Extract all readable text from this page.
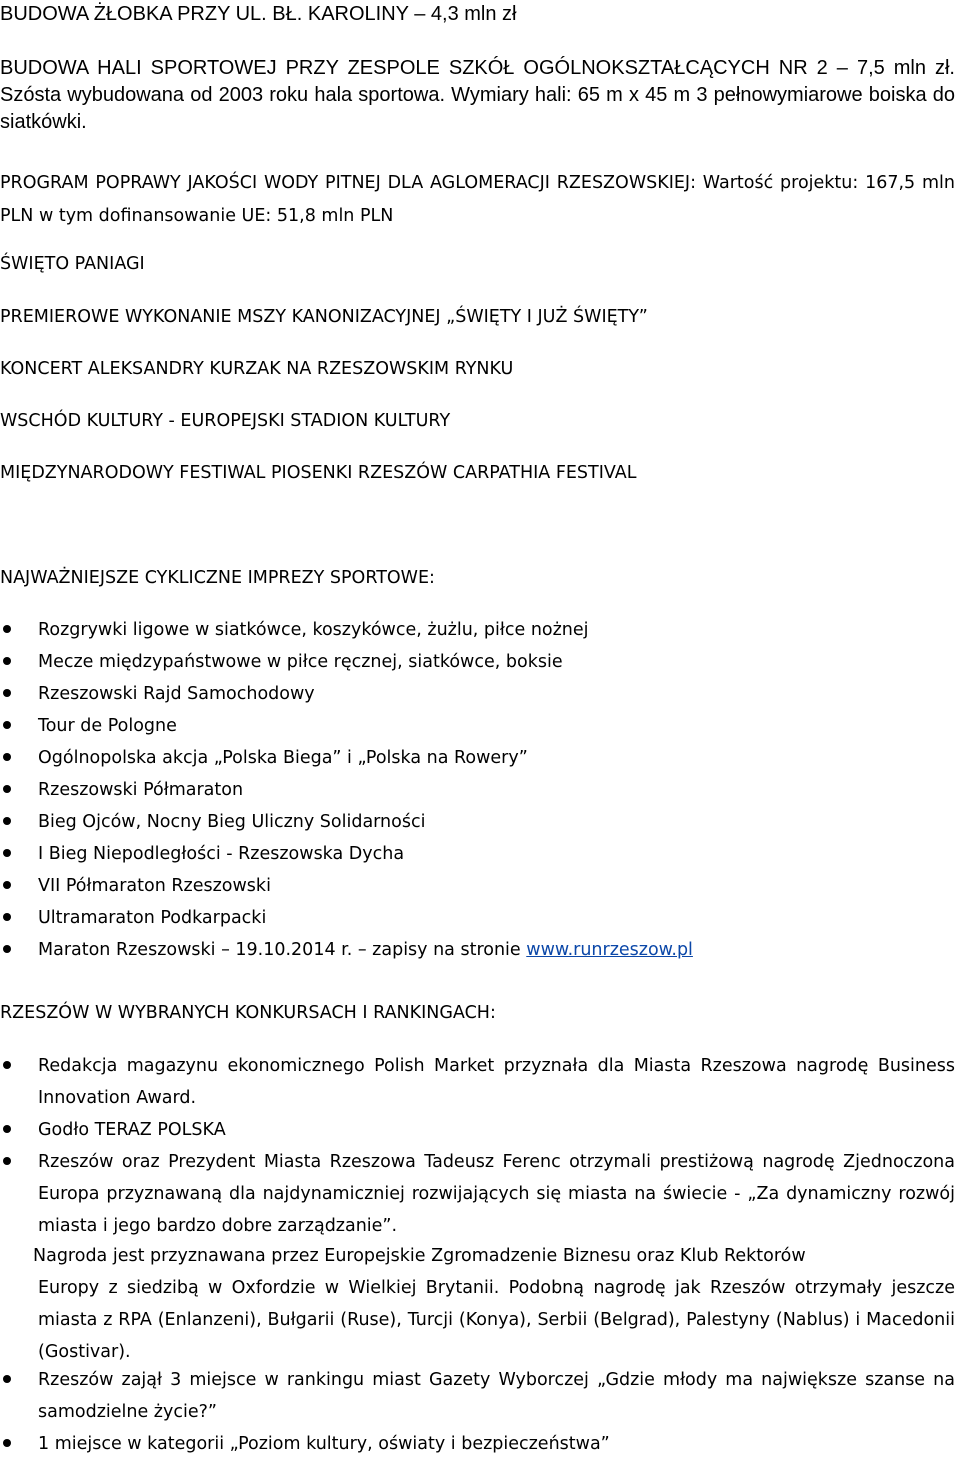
BUDOWA ŻŁOBKA PRZY UL. BŁ. KAROLINY – 4,3 mln zł

BUDOWA HALI SPORTOWEJ PRZY ZESPOLE SZKÓŁ OGÓLNOKSZTAŁCĄCYCH NR 2 – 7,5 mln zł. Szósta wybudowana od 2003 roku hala sportowa. Wymiary hali: 65 m x 45 m 3 pełnowymiarowe boiska do siatkówki.

PROGRAM POPRAWY JAKOŚCI WODY PITNEJ DLA AGLOMERACJI RZESZOWSKIEJ: Wartość projektu: 167,5 mln PLN w tym dofinansowanie UE: 51,8 mln PLN

ŚWIĘTO PANIAGI

PREMIEROWE WYKONANIE MSZY KANONIZACYJNEJ „ŚWIĘTY I JUŻ ŚWIĘTY”

KONCERT ALEKSANDRY KURZAK NA RZESZOWSKIM RYNKU

WSCHÓD KULTURY - EUROPEJSKI STADION KULTURY

MIĘDZYNARODOWY FESTIWAL PIOSENKI RZESZÓW CARPATHIA FESTIVAL

NAJWAŻNIEJSZE CYKLICZNE IMPREZY SPORTOWE:

Rozgrywki ligowe w siatkówce, koszykówce, żużlu, piłce nożnej
Mecze międzypaństwowe w piłce ręcznej, siatkówce, boksie
Rzeszowski Rajd Samochodowy
Tour de Pologne
Ogólnopolska akcja „Polska Biega” i „Polska na Rowery”
Rzeszowski Półmaraton
Bieg Ojców, Nocny Bieg Uliczny Solidarności
I Bieg Niepodległości - Rzeszowska Dycha
VII Półmaraton Rzeszowski
Ultramaraton Podkarpacki
Maraton Rzeszowski – 19.10.2014 r. – zapisy na stronie www.runrzeszow.pl

RZESZÓW W WYBRANYCH KONKURSACH I RANKINGACH:

Redakcja magazynu ekonomicznego Polish Market przyznała dla Miasta Rzeszowa nagrodę Business Innovation Award.
Godło TERAZ POLSKA
Rzeszów oraz Prezydent Miasta Rzeszowa Tadeusz Ferenc otrzymali prestiżową nagrodę Zjednoczona Europa przyznawaną dla najdynamiczniej rozwijających się miasta na świecie - „Za dynamiczny rozwój miasta i jego bardzo dobre zarządzanie”.

Nagroda jest przyznawana przez Europejskie Zgromadzenie Biznesu oraz Klub Rektorów
Europy z siedzibą w Oxfordzie w Wielkiej Brytanii. Podobną nagrodę jak Rzeszów otrzymały jeszcze miasta z RPA (Enlanzeni), Bułgarii (Ruse), Turcji (Konya), Serbii (Belgrad), Palestyny (Nablus) i Macedonii (Gostivar).

Rzeszów zajął 3 miejsce w rankingu miast Gazety Wyborczej „Gdzie młody ma największe szanse na samodzielne życie?”
1 miejsce w kategorii „Poziom kultury, oświaty i bezpieczeństwa”
